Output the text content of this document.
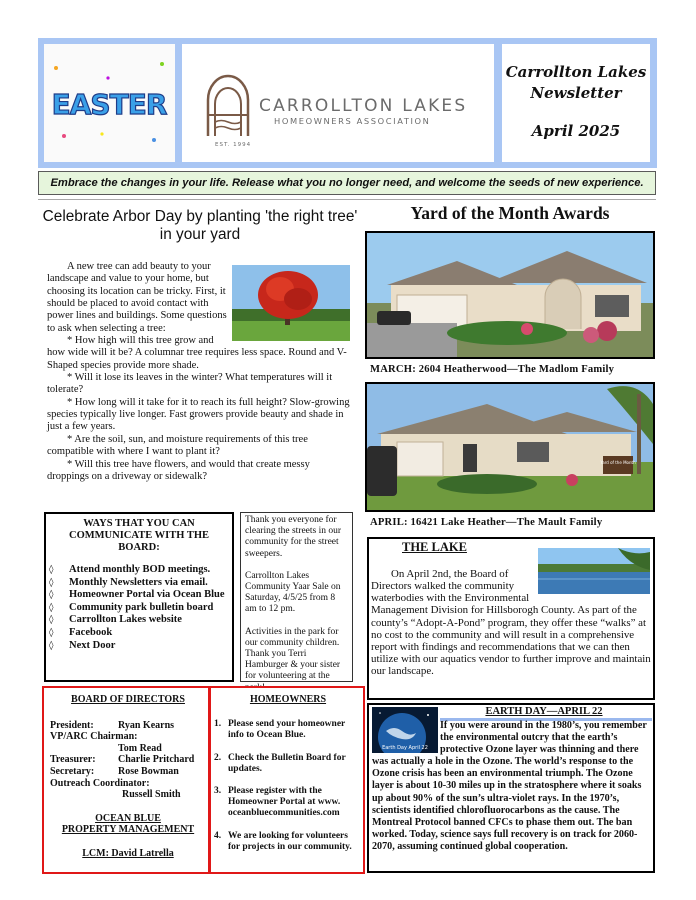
EASTER	CARROLLTON LAKES
HOMEOWNERS ASSOCIATION
EST. 1994
Carrollton Lakes
Newsletter
April 2025
Embrace the changes in your life. Release what you no longer need, and welcome the seeds of new experience.
Celebrate Arbor Day by planting 'the right tree' in your yard

A new tree can add beauty to your landscape and value to your home, but choosing its location can be tricky. First, it should be placed to avoid contact with power lines and buildings. Some questions to ask when selecting a tree:

* How high will this tree grow and how wide will it be? A columnar tree requires less space. Round and V-Shaped species provide more shade.

* Will it lose its leaves in the winter? What temperatures will it tolerate?

* How long will it take for it to reach its full height? Slow-growing species typically live longer. Fast growers provide beauty and shade in just a few years.

* Are the soil, sun, and moisture requirements of this tree compatible with where I want to plant it?

* Will this tree have flowers, and would that create messy droppings on a driveway or sidewalk?

WAYS THAT YOU CAN COMMUNICATE WITH THE BOARD:
◊	Attend monthly BOD meetings.
◊	Monthly Newsletters via email.
◊	Homeowner Portal via Ocean Blue
◊	Community park bulletin board
◊	Carrollton Lakes website
◊	Facebook
◊	Next Door

Thank you everyone for clearing the streets in our community for the street sweepers.

Carrollton Lakes Community Yaar Sale on Saturday, 4/5/25 from 8 am to 12 pm.

Activities in the park for our community children. Thank you Terri Hamburger & your sister for volunteering at the

BOARD OF DIRECTORS
President:	Ryan Kearns
VP/ARC Chairman:
Tom Read
Treasurer:	Charlie Pritchard
Secretary:	Rose Bowman
Outreach Coordinator:
Russell Smith
OCEAN BLUE
PROPERTY MANAGEMENT
LCM: David Latrella
HOMEOWNERS
1. Please send your homeowner info to Ocean Blue.
2. Check the Bulletin Board for updates.
3. Please register with the Homeowner Portal at www. oceanbluecommunities.com
4. We are looking for volunteers for projects in our community.
Yard of the Month Awards
MARCH: 2604 Heatherwood—The Madlom Family
Yard of the Month
APRIL: 16421 Lake Heather—The Mault Family
THE LAKE
On April 2nd, the Board of Directors walked the community waterbodies with the Environmental Management Division for Hillsborogh County. As part of the county’s “Adopt-A-Pond” program, they offer these “walks” at no cost to the community and will result in a comprehensive report with findings and recommendations that we can then utilize with our aquatics vendor to further improve and maintain our landscape.
EARTH DAY—APRIL 22
Earth Day April 22
If you were around in the 1980’s, you remember the environmental outcry that the earth’s protective Ozone layer was thinning and there was actually a hole in the Ozone. The world’s response to the Ozone crisis has been an environmental triumph. The Ozone layer is about 10-30 miles up in the stratosphere where it soaks up about 90% of the sun’s ultra-violet rays. In the 1970’s, scientists identified chlorofluorocarbons as the cause. The Montreal Protocol banned CFCs to phase them out. The ban worked. Today, science says full recovery is on track for 2060-2070, assuming continued global cooperation.
